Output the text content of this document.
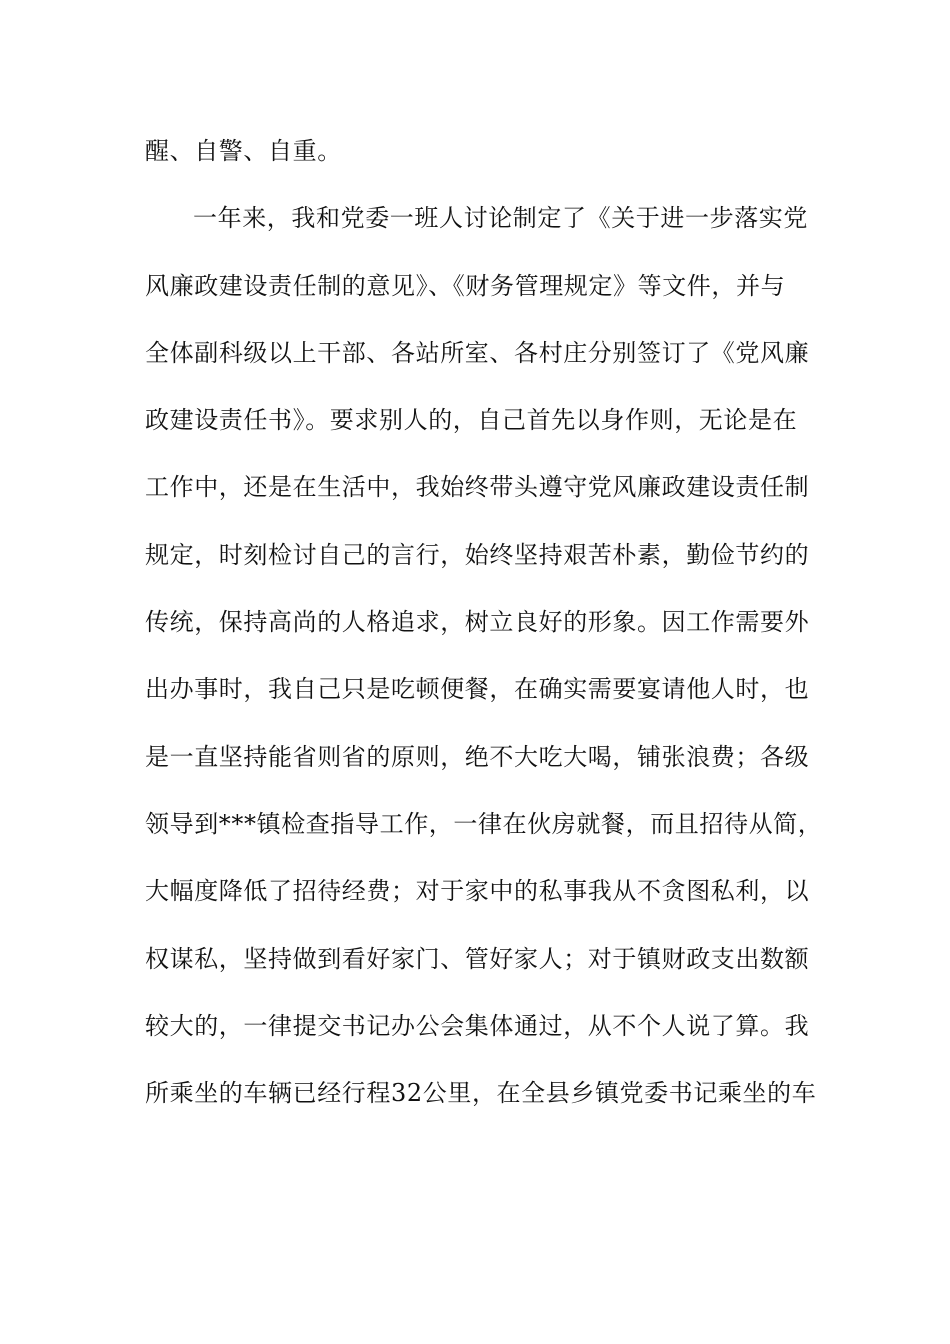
醒、自警、自重。
一年来，我和党委一班人讨论制定了《关于进一步落实党
风廉政建设责任制的意见》、《财务管理规定》等文件，并与
全体副科级以上干部、各站所室、各村庄分别签订了《党风廉
政建设责任书》。要求别人的，自己首先以身作则，无论是在
工作中，还是在生活中，我始终带头遵守党风廉政建设责任制
规定，时刻检讨自己的言行，始终坚持艰苦朴素，勤俭节约的
传统，保持高尚的人格追求，树立良好的形象。因工作需要外
出办事时，我自己只是吃顿便餐，在确实需要宴请他人时，也
是一直坚持能省则省的原则，绝不大吃大喝，铺张浪费；各级
领导到***镇检查指导工作，一律在伙房就餐，而且招待从简，
大幅度降低了招待经费；对于家中的私事我从不贪图私利，以
权谋私，坚持做到看好家门、管好家人；对于镇财政支出数额
较大的，一律提交书记办公会集体通过，从不个人说了算。我
所乘坐的车辆已经行程32公里，在全县乡镇党委书记乘坐的车
